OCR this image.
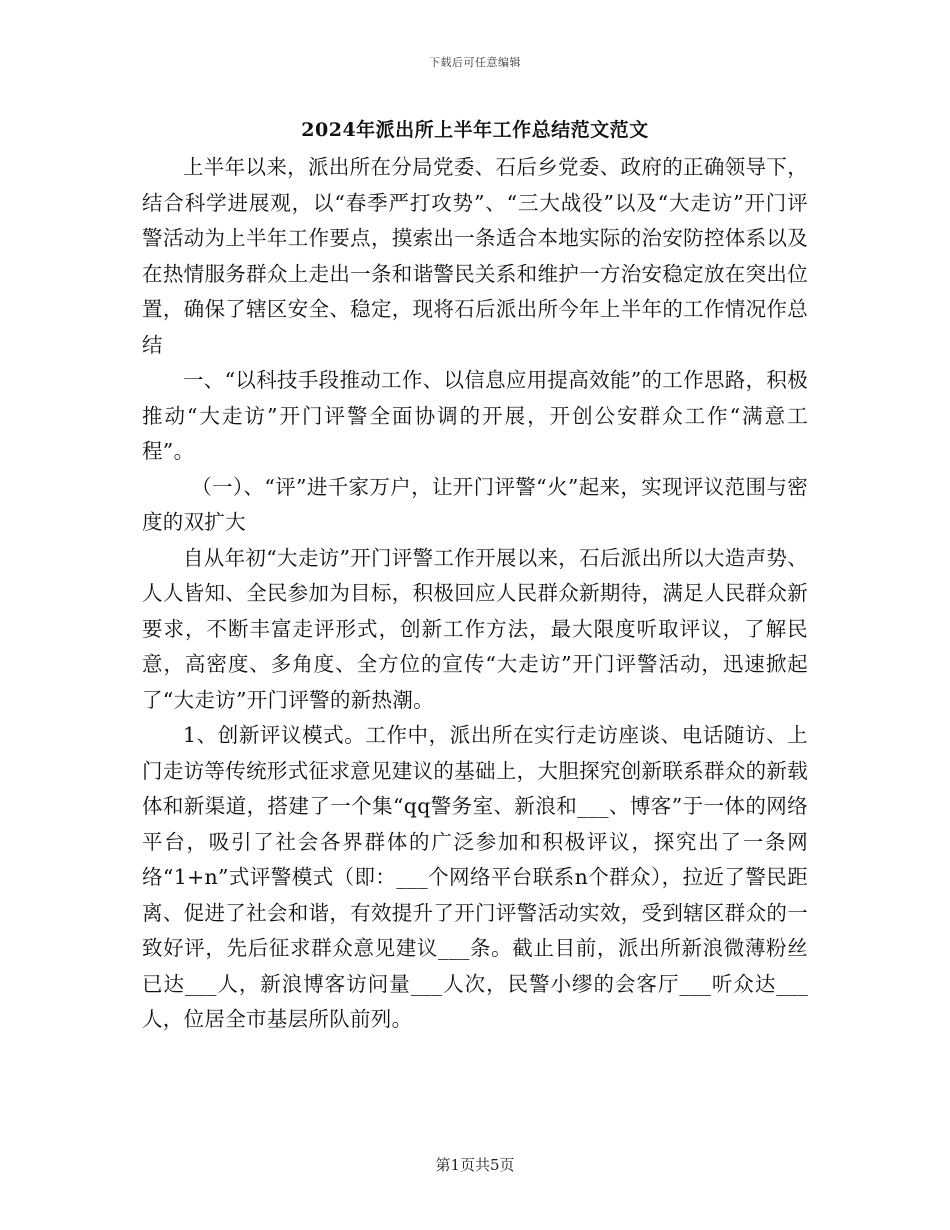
下载后可任意编辑
2024年派出所上半年工作总结范文范文

上半年以来，派出所在分局党委、石后乡党委、政府的正确领导下，结合科学进展观，以“春季严打攻势”、“三大战役”以及“大走访”开门评警活动为上半年工作要点，摸索出一条适合本地实际的治安防控体系以及在热情服务群众上走出一条和谐警民关系和维护一方治安稳定放在突出位置，确保了辖区安全、稳定，现将石后派出所今年上半年的工作情况作总结

一、“以科技手段推动工作、以信息应用提高效能”的工作思路，积极推动“大走访”开门评警全面协调的开展，开创公安群众工作“满意工程”。

（一）、“评”进千家万户，让开门评警“火”起来，实现评议范围与密度的双扩大

自从年初“大走访”开门评警工作开展以来，石后派出所以大造声势、人人皆知、全民参加为目标，积极回应人民群众新期待，满足人民群众新要求，不断丰富走评形式，创新工作方法，最大限度听取评议，了解民意，高密度、多角度、全方位的宣传“大走访”开门评警活动，迅速掀起了“大走访”开门评警的新热潮。

1、创新评议模式。工作中，派出所在实行走访座谈、电话随访、上门走访等传统形式征求意见建议的基础上，大胆探究创新联系群众的新载体和新渠道，搭建了一个集“qq警务室、新浪和___、博客”于一体的网络平台，吸引了社会各界群体的广泛参加和积极评议，探究出了一条网络“1+n”式评警模式（即：___个网络平台联系n个群众），拉近了警民距离、促进了社会和谐，有效提升了开门评警活动实效，受到辖区群众的一致好评，先后征求群众意见建议___条。截止目前，派出所新浪微薄粉丝已达___人，新浪博客访问量___人次，民警小缪的会客厅___听众达___人，位居全市基层所队前列。

第1页共5页
